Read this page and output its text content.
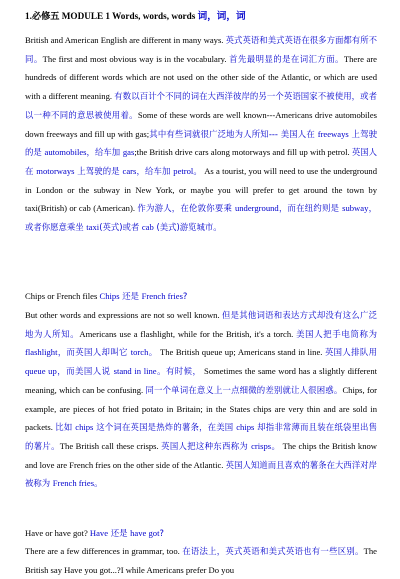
1.必修五 MODULE 1 Words, words, words 词，词，词

British and American English are different in many ways. 英式英语和美式英语在很多方面都有所不同。The first and most obvious way is in the vocabulary. 首先最明显的是在词汇方面。There are hundreds of different words which are not used on the other side of the Atlantic, or which are used with a different meaning. 有数以百计个不同的词在大西洋彼岸的另一个英语国家不被使用，或者以一种不同的意思被使用着。Some of these words are well known---Americans drive automobiles down freeways and fill up with gas;其中有些词就很广泛地为人所知--- 美国人在 freeways 上驾驶的是 automobiles，给车加 gas;the British drive cars along motorways and fill up with petrol. 英国人在 motorways 上驾驶的是 cars，给车加 petrol。 As a tourist, you will need to use the underground in London or the subway in New York, or maybe you will prefer to get around the town by taxi(British) or cab (American). 作为游人，在伦敦你要乘 underground，而在纽约则是 subway，或者你愿意乘坐 taxi(英式)或者 cab (美式)游览城市。

Chips or French files Chips 还是 French fries?

But other words and expressions are not so well known. 但是其他词语和表达方式却没有这么广泛地为人所知。Americans use a flashlight, while for the British, it's a torch. 美国人把手电筒称为 flashlight，而英国人却叫它 torch。 The British queue up; Americans stand in line. 英国人排队用 queue up，而美国人说 stand in line。有时候， Sometimes the same word has a slightly different meaning, which can be confusing. 同一个单词在意义上一点细微的差别就让人很困惑。Chips, for example, are pieces of hot fried potato in Britain; in the States chips are very thin and are sold in packets. 比如 chips 这个词在英国是热炸的薯条，在美国 chips 却指非常薄而且装在纸袋里出售的薯片。The British call these crisps. 英国人把这种东西称为 crisps。 The chips the British know and love are French fries on the other side of the Atlantic. 英国人知道而且喜欢的薯条在大西洋对岸被称为 French fries。

Have or have got? Have 还是 have got?

There are a few differences in grammar, too. 在语法上，英式英语和美式英语也有一些区别。The British say Have you got...?I while Americans prefer Do you
